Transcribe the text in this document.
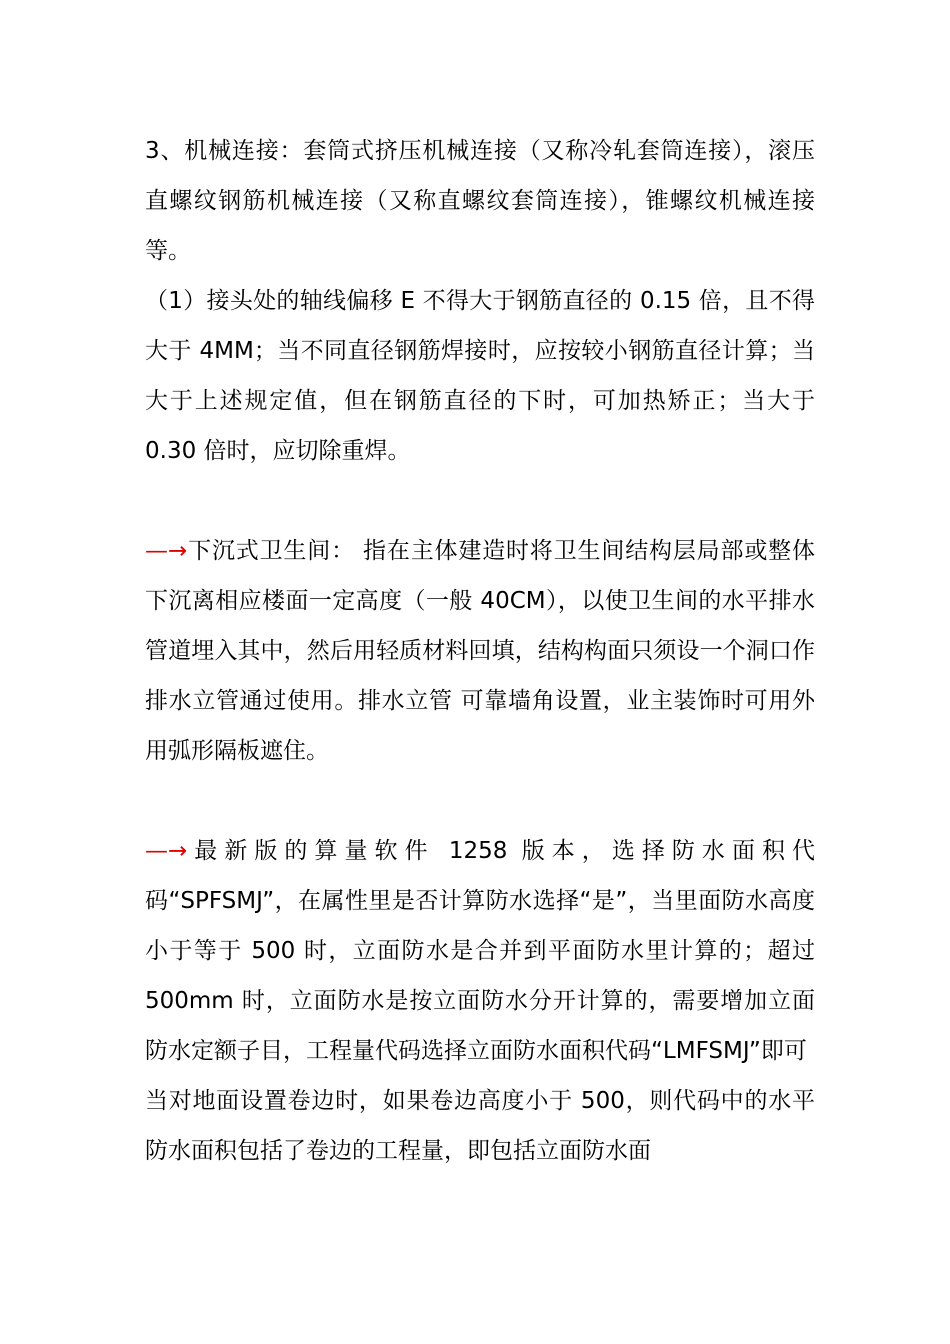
3、机械连接：套筒式挤压机械连接（又称冷轧套筒连接），滚压直螺纹钢筋机械连接（又称直螺纹套筒连接），锥螺纹机械连接等。

（1）接头处的轴线偏移 E 不得大于钢筋直径的 0.15 倍，且不得大于 4MM；当不同直径钢筋焊接时，应按较小钢筋直径计算；当大于上述规定值，但在钢筋直径的下时，可加热矫正；当大于 0.30 倍时，应切除重焊。

—→下沉式卫生间： 指在主体建造时将卫生间结构层局部或整体下沉离相应楼面一定高度（一般 40CM），以使卫生间的水平排水管道埋入其中，然后用轻质材料回填，结构构面只须设一个洞口作排水立管通过使用。排水立管 可靠墙角设置，业主装饰时可用外用弧形隔板遮住。

—→最新版的算量软件 1258 版本，选择防水面积代码“SPFSMJ”，在属性里是否计算防水选择“是”，当里面防水高度小于等于 500 时，立面防水是合并到平面防水里计算的；超过 500mm 时，立面防水是按立面防水分开计算的，需要增加立面防水定额子目，工程量代码选择立面防水面积代码“LMFSMJ”即可

当对地面设置卷边时，如果卷边高度小于 500，则代码中的水平防水面积包括了卷边的工程量，即包括立面防水面
